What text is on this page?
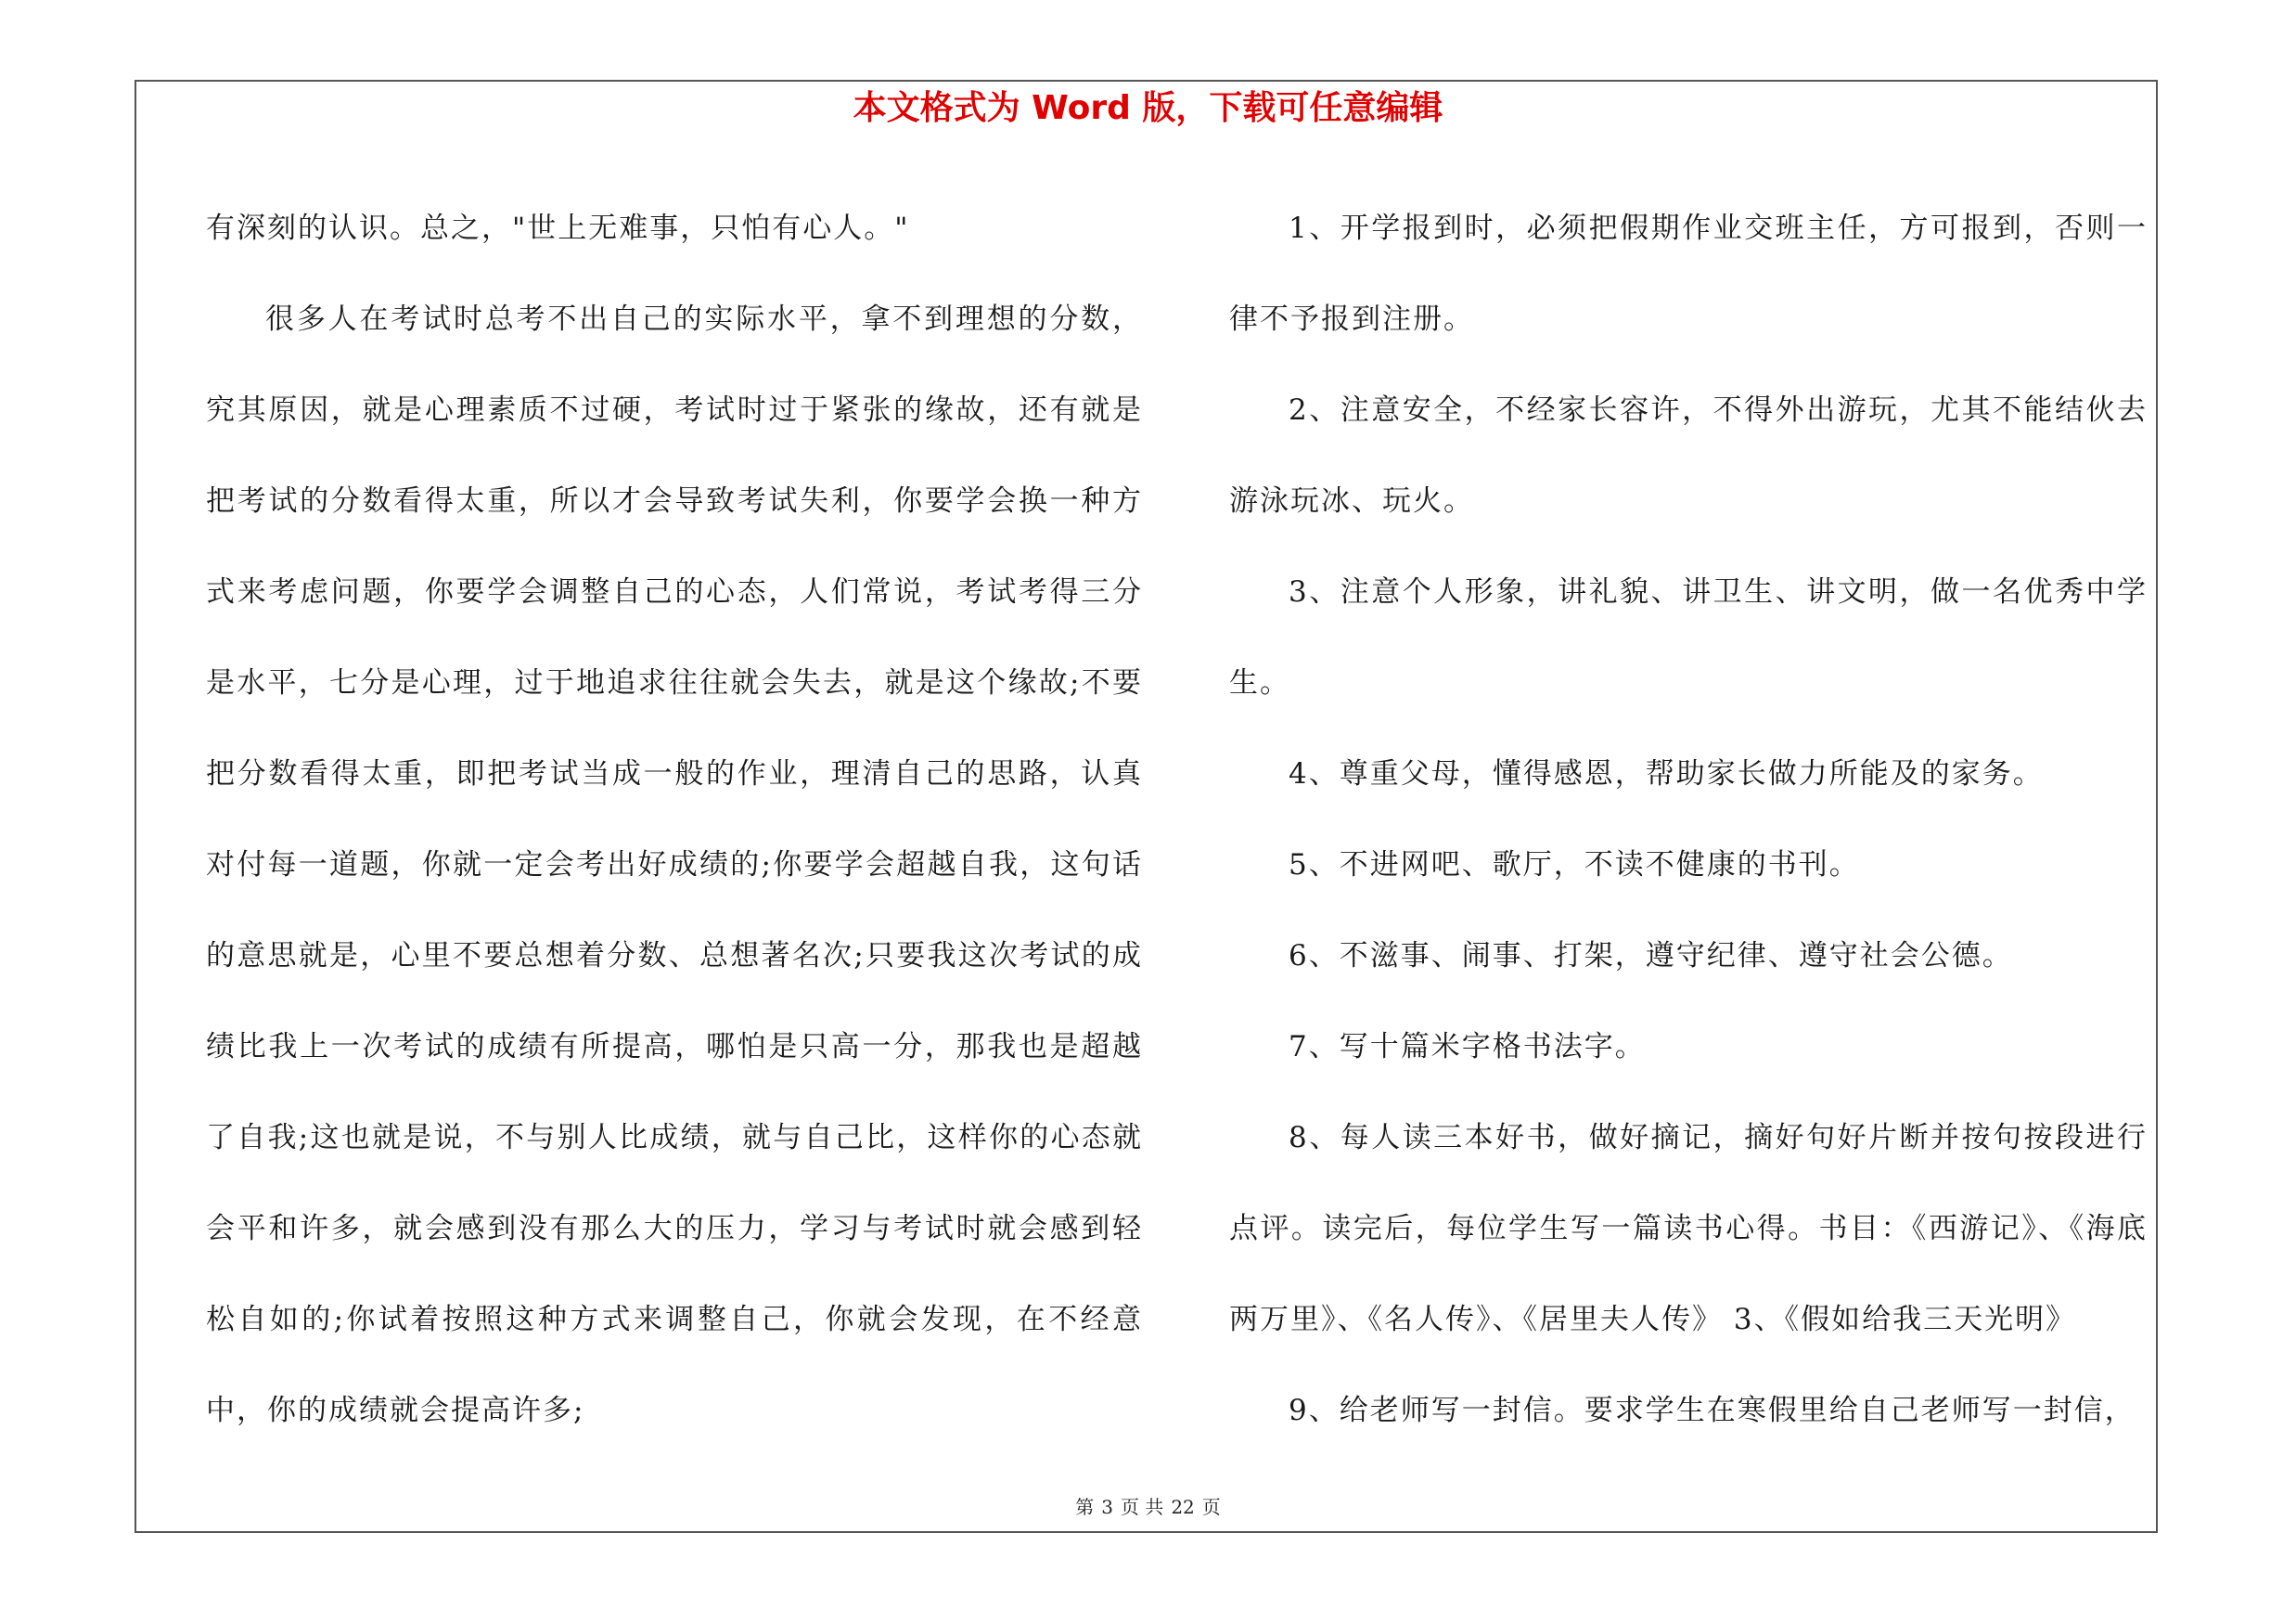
本文格式为 Word 版，下载可任意编辑

有深刻的认识。总之，"世上无难事，只怕有心人。"

很多人在考试时总考不出自己的实际水平，拿不到理想的分数，究其原因，就是心理素质不过硬，考试时过于紧张的缘故，还有就是把考试的分数看得太重，所以才会导致考试失利，你要学会换一种方式来考虑问题，你要学会调整自己的心态，人们常说，考试考得三分是水平，七分是心理，过于地追求往往就会失去，就是这个缘故;不要把分数看得太重，即把考试当成一般的作业，理清自己的思路，认真对付每一道题，你就一定会考出好成绩的;你要学会超越自我，这句话的意思就是，心里不要总想着分数、总想著名次;只要我这次考试的成绩比我上一次考试的成绩有所提高，哪怕是只高一分，那我也是超越了自我;这也就是说，不与别人比成绩，就与自己比，这样你的心态就会平和许多，就会感到没有那么大的压力，学习与考试时就会感到轻松自如的;你试着按照这种方式来调整自己，你就会发现，在不经意中，你的成绩就会提高许多;

1、开学报到时，必须把假期作业交班主任，方可报到，否则一律不予报到注册。

2、注意安全，不经家长容许，不得外出游玩，尤其不能结伙去游泳玩冰、玩火。

3、注意个人形象，讲礼貌、讲卫生、讲文明，做一名优秀中学生。

4、尊重父母，懂得感恩，帮助家长做力所能及的家务。

5、不进网吧、歌厅，不读不健康的书刊。

6、不滋事、闹事、打架，遵守纪律、遵守社会公德。

7、写十篇米字格书法字。

8、每人读三本好书，做好摘记，摘好句好片断并按句按段进行点评。读完后，每位学生写一篇读书心得。书目：《西游记》、《海底两万里》、《名人传》、《居里夫人传》 3、《假如给我三天光明》

9、给老师写一封信。要求学生在寒假里给自己老师写一封信，

第 3 页 共 22 页
